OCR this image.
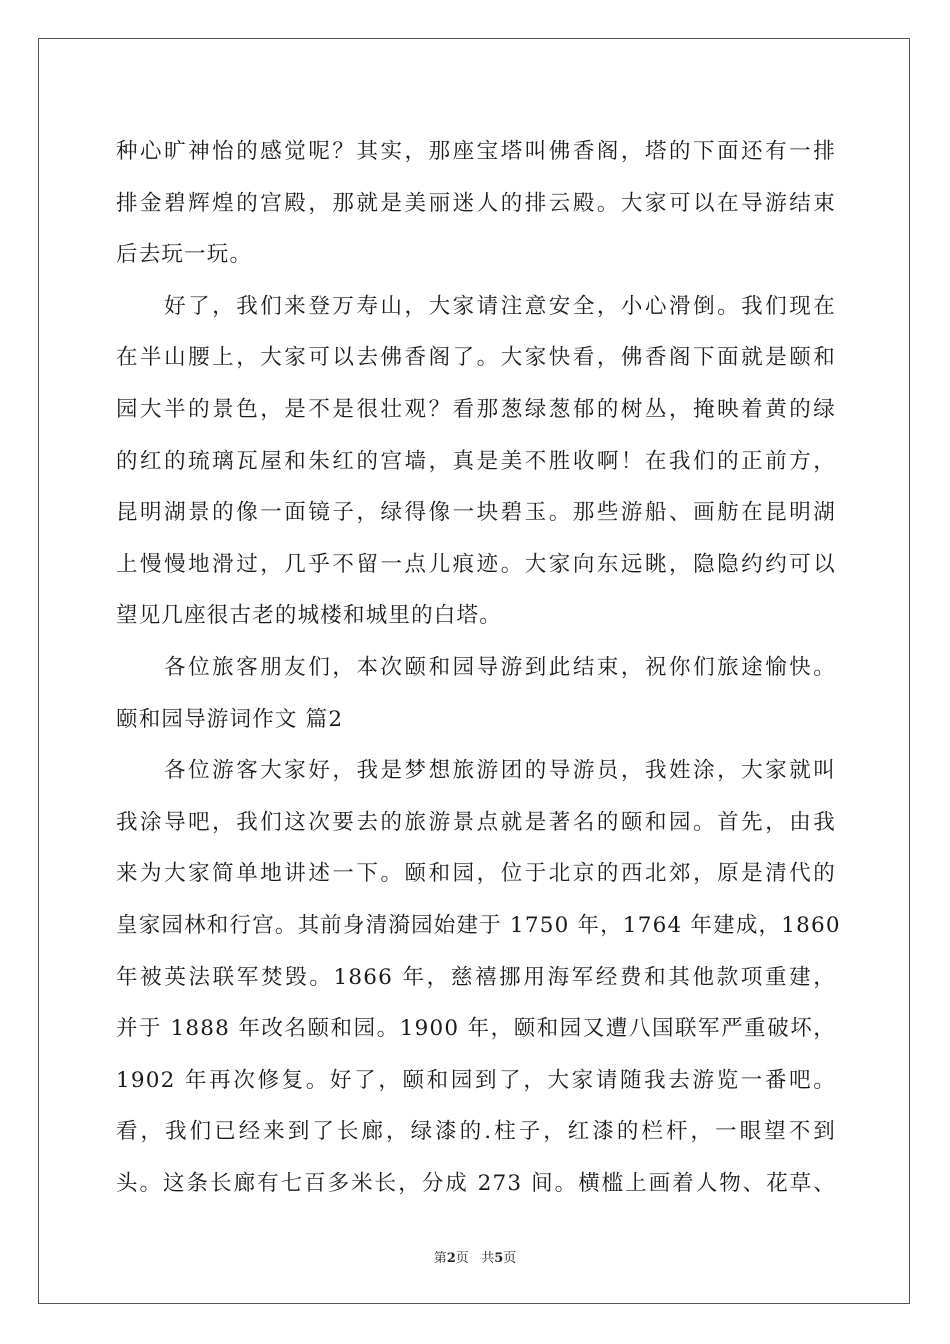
种心旷神怡的感觉呢？其实，那座宝塔叫佛香阁，塔的下面还有一排
排金碧辉煌的宫殿，那就是美丽迷人的排云殿。大家可以在导游结束
后去玩一玩。
　　好了，我们来登万寿山，大家请注意安全，小心滑倒。我们现在
在半山腰上，大家可以去佛香阁了。大家快看，佛香阁下面就是颐和
园大半的景色，是不是很壮观？看那葱绿葱郁的树丛，掩映着黄的绿
的红的琉璃瓦屋和朱红的宫墙，真是美不胜收啊！在我们的正前方，
昆明湖景的像一面镜子，绿得像一块碧玉。那些游船、画舫在昆明湖
上慢慢地滑过，几乎不留一点儿痕迹。大家向东远眺，隐隐约约可以
望见几座很古老的城楼和城里的白塔。
　　各位旅客朋友们，本次颐和园导游到此结束，祝你们旅途愉快。
颐和园导游词作文 篇2
　　各位游客大家好，我是梦想旅游团的导游员，我姓涂，大家就叫
我涂导吧，我们这次要去的旅游景点就是著名的颐和园。首先，由我
来为大家简单地讲述一下。颐和园，位于北京的西北郊，原是清代的
皇家园林和行宫。其前身清漪园始建于 1750 年，1764 年建成，1860
年被英法联军焚毁。1866 年，慈禧挪用海军经费和其他款项重建，
并于 1888 年改名颐和园。1900 年，颐和园又遭八国联军严重破坏，
1902 年再次修复。好了，颐和园到了，大家请随我去游览一番吧。
看，我们已经来到了长廊，绿漆的.柱子，红漆的栏杆，一眼望不到
头。这条长廊有七百多米长，分成 273 间。横槛上画着人物、花草、
第2页 共5页
